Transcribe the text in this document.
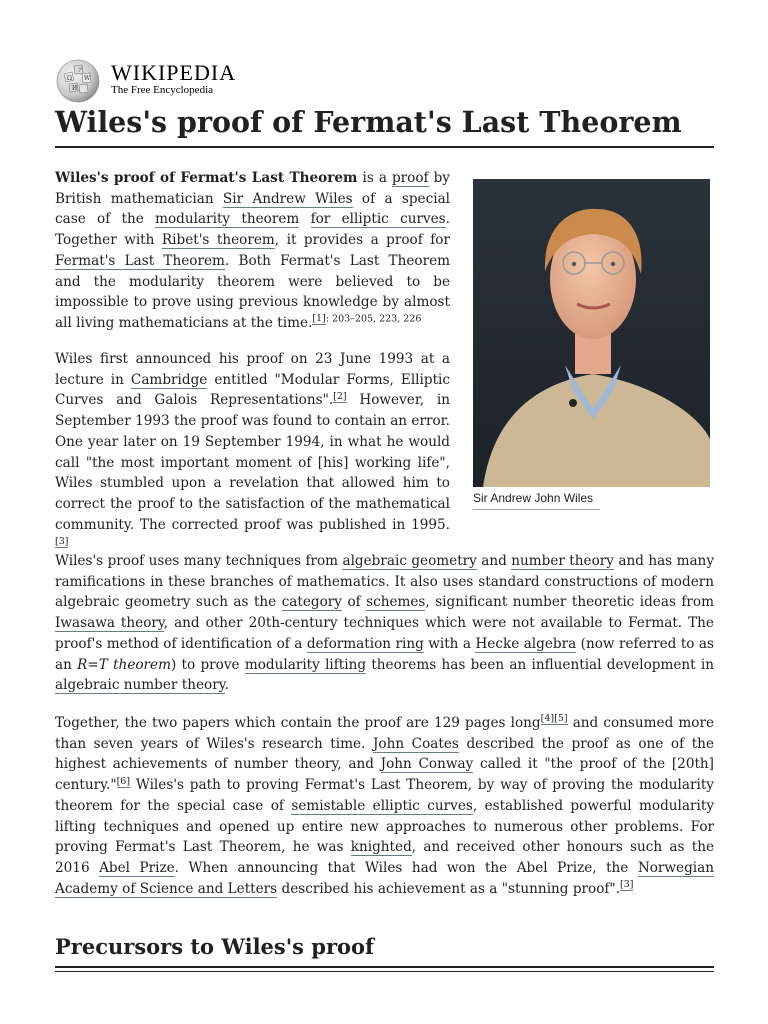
Ω W
И
ア WIKIPEDIA
The Free Encyclopedia
Wiles's proof of Fermat's Last Theorem
Sir Andrew John Wiles

Wiles's proof of Fermat's Last Theorem is a proof by British mathematician Sir Andrew Wiles of a special case of the modularity theorem for elliptic curves. Together with Ribet's theorem, it provides a proof for Fermat's Last Theorem. Both Fermat's Last Theorem and the modularity theorem were believed to be impossible to prove using previous knowledge by almost all living mathematicians at the time.$^{[1]: 203-205, 223, 226}$

Wiles first announced his proof on 23 June 1993 at a lecture in Cambridge entitled "Modular Forms, Elliptic Curves and Galois Representations".[2] However, in September 1993 the proof was found to contain an error. One year later on 19 September 1994, in what he would call "the most important moment of [his] working life", Wiles stumbled upon a revelation that allowed him to correct the proof to the satisfaction of the mathematical community. The corrected proof was published in 1995.[3]

Wiles's proof uses many techniques from algebraic geometry and number theory and has many ramifications in these branches of mathematics. It also uses standard constructions of modern algebraic geometry such as the category of schemes, significant number theoretic ideas from Iwasawa theory, and other 20th-century techniques which were not available to Fermat. The proof's method of identification of a deformation ring with a Hecke algebra (now referred to as an R=T theorem) to prove modularity lifting theorems has been an influential development in algebraic number theory.

Together, the two papers which contain the proof are 129 pages long[4][5] and consumed more than seven years of Wiles's research time. John Coates described the proof as one of the highest achievements of number theory, and John Conway called it "the proof of the [20th] century."[6] Wiles's path to proving Fermat's Last Theorem, by way of proving the modularity theorem for the special case of semistable elliptic curves, established powerful modularity lifting techniques and opened up entire new approaches to numerous other problems. For proving Fermat's Last Theorem, he was knighted, and received other honours such as the 2016 Abel Prize. When announcing that Wiles had won the Abel Prize, the Norwegian Academy of Science and Letters described his achievement as a "stunning proof".[3]

Precursors to Wiles's proof
